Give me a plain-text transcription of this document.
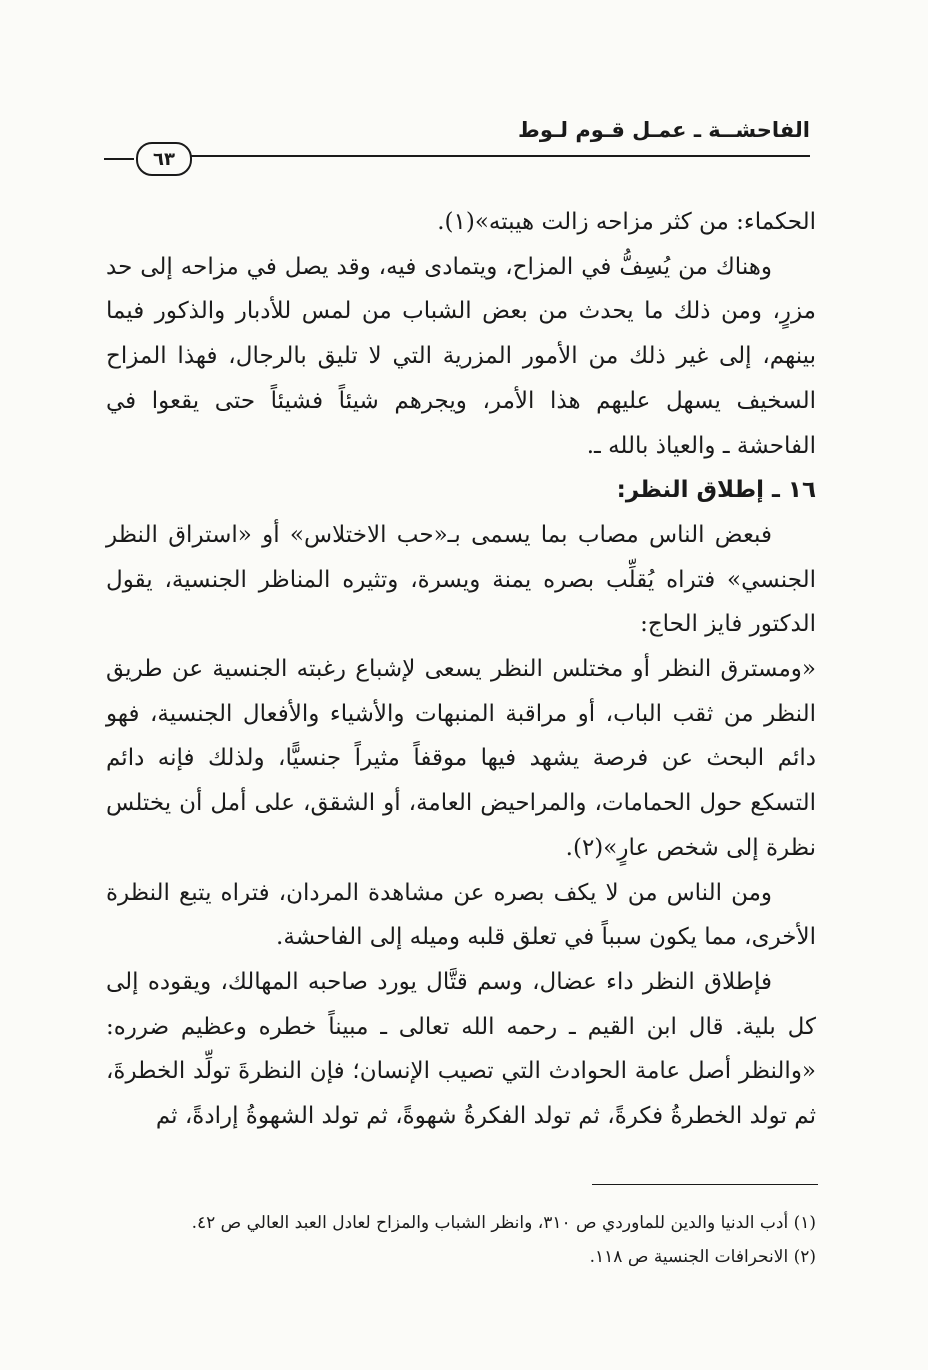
الفاحشــة ـ عمـل قـوم لـوط
٦٣

الحكماء: من كثر مزاحه زالت هيبته»(١).

وهناك من يُسِفُّ في المزاح، ويتمادى فيه، وقد يصل في مزاحه إلى حد مزرٍ، ومن ذلك ما يحدث من بعض الشباب من لمس للأدبار والذكور فيما بينهم، إلى غير ذلك من الأمور المزرية التي لا تليق بالرجال، فهذا المزاح السخيف يسهل عليهم هذا الأمر، ويجرهم شيئاً فشيئاً حتى يقعوا في الفاحشة ـ والعياذ بالله ـ.

١٦ ـ إطلاق النظر:

فبعض الناس مصاب بما يسمى بـ«حب الاختلاس» أو «استراق النظر الجنسي» فتراه يُقلِّب بصره يمنة ويسرة، وتثيره المناظر الجنسية، يقول الدكتور فايز الحاج:

«ومسترق النظر أو مختلس النظر يسعى لإشباع رغبته الجنسية عن طريق النظر من ثقب الباب، أو مراقبة المنبهات والأشياء والأفعال الجنسية، فهو دائم البحث عن فرصة يشهد فيها موقفاً مثيراً جنسيًّا، ولذلك فإنه دائم التسكع حول الحمامات، والمراحيض العامة، أو الشقق، على أمل أن يختلس نظرة إلى شخص عارٍ»(٢).

ومن الناس من لا يكف بصره عن مشاهدة المردان، فتراه يتبع النظرة الأخرى، مما يكون سبباً في تعلق قلبه وميله إلى الفاحشة.

فإطلاق النظر داء عضال، وسم قتَّال يورد صاحبه المهالك، ويقوده إلى كل بلية. قال ابن القيم ـ رحمه الله تعالى ـ مبيناً خطره وعظيم ضرره: «والنظر أصل عامة الحوادث التي تصيب الإنسان؛ فإن النظرةَ تولِّد الخطرةَ، ثم تولد الخطرةُ فكرةً، ثم تولد الفكرةُ شهوةً، ثم تولد الشهوةُ إرادةً، ثم

(١) أدب الدنيا والدين للماوردي ص ٣١٠، وانظر الشباب والمزاح لعادل العبد العالي ص ٤٢.

(٢) الانحرافات الجنسية ص ١١٨.
